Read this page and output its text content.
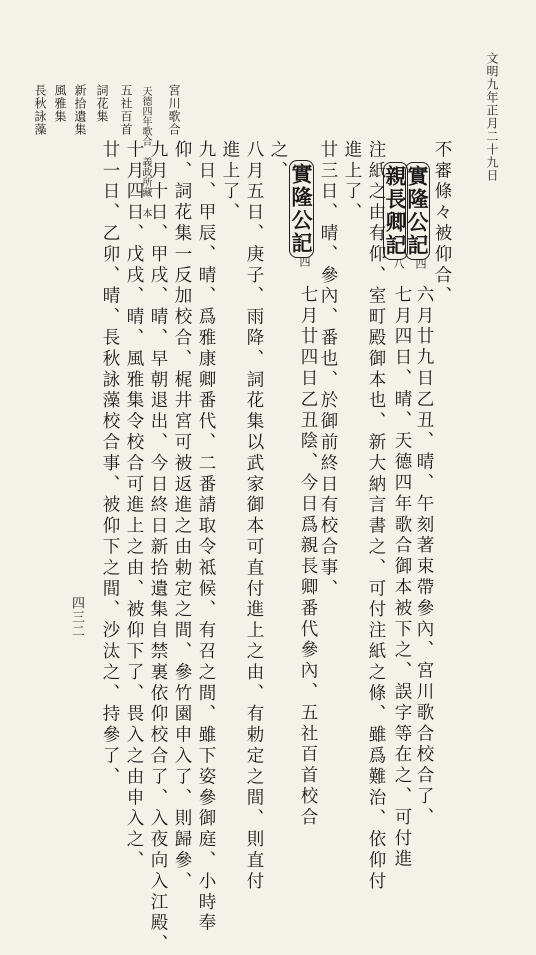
文明九年正月二十九日
四三二
宮川歌合
天德四年歌合 義政所藏 本
五社百首
詞花集
新拾遺集
風雅集
長秋詠藻
不審條々被仰合、
實隆公記
四
六月廿九日乙丑、晴、午刻著束帶參內、宮川歌合校合了、
親長卿記
八
七月四日、晴、天德四年歌合御本被下之、誤字等在之、可付進
注紙之由有仰、室町殿御本也、新大納言書之、可付注紙之條、雖爲難治、依仰付
進上了、
廿三日、晴、參內、番也、於御前終日有校合事、
實隆公記
四
七月廿四日乙丑陰、今日爲親長卿番代參內、五社百首校合
之、
八月五日、庚子、雨降、詞花集以武家御本可直付進上之由、有勅定之間、則直付
進上了、
九日、甲辰、晴、爲雅康卿番代、二番請取令祗候、有召之間、雖下姿參御庭、小時奉
仰、詞花集一反加校合、梶井宮可被返進之由勅定之間、參竹園申入了、則歸參、
九月十日、甲戌、晴、早朝退出、今日終日新拾遺集自禁裏依仰校合了、入夜向入江殿、
十月四日、戊戌、晴、風雅集令校合可進上之由、被仰下了、畏入之由申入之、
廿一日、乙卯、晴、長秋詠藻校合事、被仰下之間、沙汰之、持參了、
